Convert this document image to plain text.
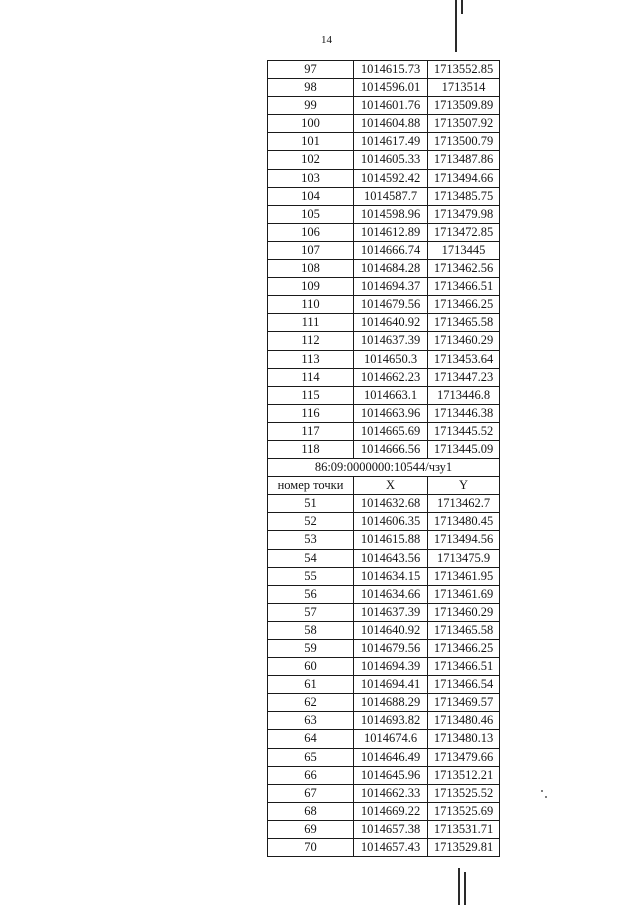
14
97	1014615.73	1713552.85
98	1014596.01	1713514
99	1014601.76	1713509.89
100	1014604.88	1713507.92
101	1014617.49	1713500.79
102	1014605.33	1713487.86
103	1014592.42	1713494.66
104	1014587.7	1713485.75
105	1014598.96	1713479.98
106	1014612.89	1713472.85
107	1014666.74	1713445
108	1014684.28	1713462.56
109	1014694.37	1713466.51
110	1014679.56	1713466.25
111	1014640.92	1713465.58
112	1014637.39	1713460.29
113	1014650.3	1713453.64
114	1014662.23	1713447.23
115	1014663.1	1713446.8
116	1014663.96	1713446.38
117	1014665.69	1713445.52
118	1014666.56	1713445.09
86:09:0000000:10544/чзу1
номер точки	X	Y
51	1014632.68	1713462.7
52	1014606.35	1713480.45
53	1014615.88	1713494.56
54	1014643.56	1713475.9
55	1014634.15	1713461.95
56	1014634.66	1713461.69
57	1014637.39	1713460.29
58	1014640.92	1713465.58
59	1014679.56	1713466.25
60	1014694.39	1713466.51
61	1014694.41	1713466.54
62	1014688.29	1713469.57
63	1014693.82	1713480.46
64	1014674.6	1713480.13
65	1014646.49	1713479.66
66	1014645.96	1713512.21
67	1014662.33	1713525.52
68	1014669.22	1713525.69
69	1014657.38	1713531.71
70	1014657.43	1713529.81
